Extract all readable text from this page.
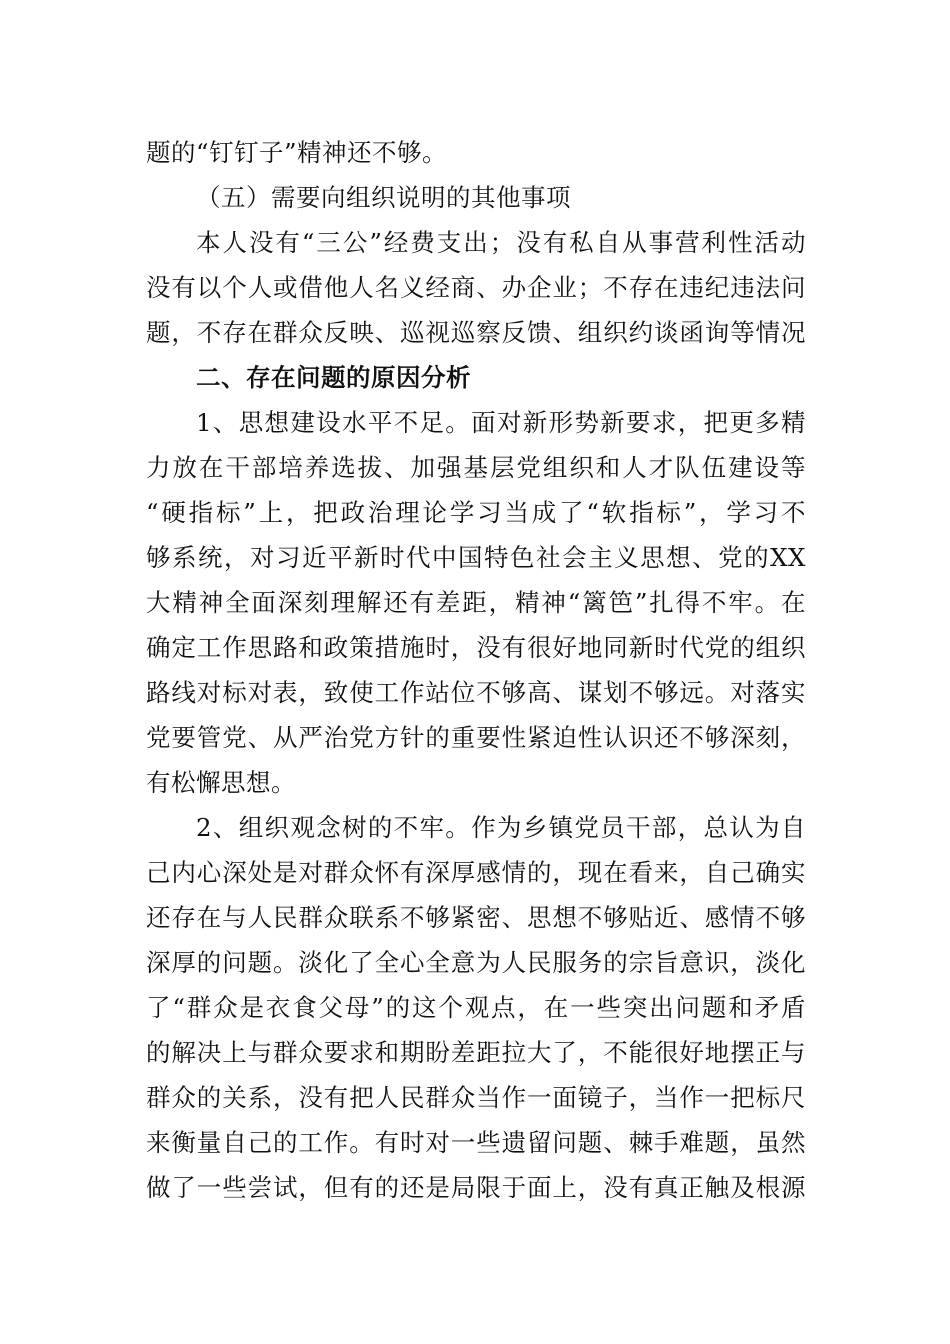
题的“钉钉子”精神还不够。
（五）需要向组织说明的其他事项
本人没有“三公”经费支出；没有私自从事营利性活动
没有以个人或借他人名义经商、办企业；不存在违纪违法问
题，不存在群众反映、巡视巡察反馈、组织约谈函询等情况
二、存在问题的原因分析
1、思想建设水平不足。面对新形势新要求，把更多精
力放在干部培养选拔、加强基层党组织和人才队伍建设等
“硬指标”上，把政治理论学习当成了“软指标”，学习不
够系统，对习近平新时代中国特色社会主义思想、党的XX
大精神全面深刻理解还有差距，精神“篱笆”扎得不牢。在
确定工作思路和政策措施时，没有很好地同新时代党的组织
路线对标对表，致使工作站位不够高、谋划不够远。对落实
党要管党、从严治党方针的重要性紧迫性认识还不够深刻，
有松懈思想。
2、组织观念树的不牢。作为乡镇党员干部，总认为自
己内心深处是对群众怀有深厚感情的，现在看来，自己确实
还存在与人民群众联系不够紧密、思想不够贴近、感情不够
深厚的问题。淡化了全心全意为人民服务的宗旨意识，淡化
了“群众是衣食父母”的这个观点，在一些突出问题和矛盾
的解决上与群众要求和期盼差距拉大了，不能很好地摆正与
群众的关系，没有把人民群众当作一面镜子，当作一把标尺
来衡量自己的工作。有时对一些遗留问题、棘手难题，虽然
做了一些尝试，但有的还是局限于面上，没有真正触及根源
